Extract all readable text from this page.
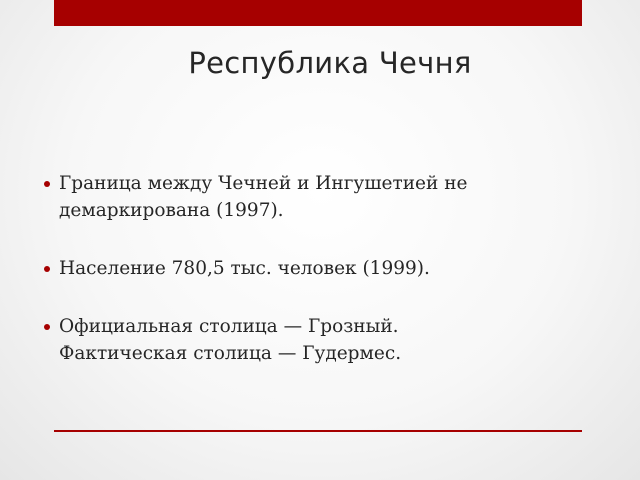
Республика Чечня
Граница между Чечней и Ингушетией не
демаркирована (1997).
Население 780,5 тыс. человек (1999).
Официальная столица — Грозный.
Фактическая столица — Гудермес.
